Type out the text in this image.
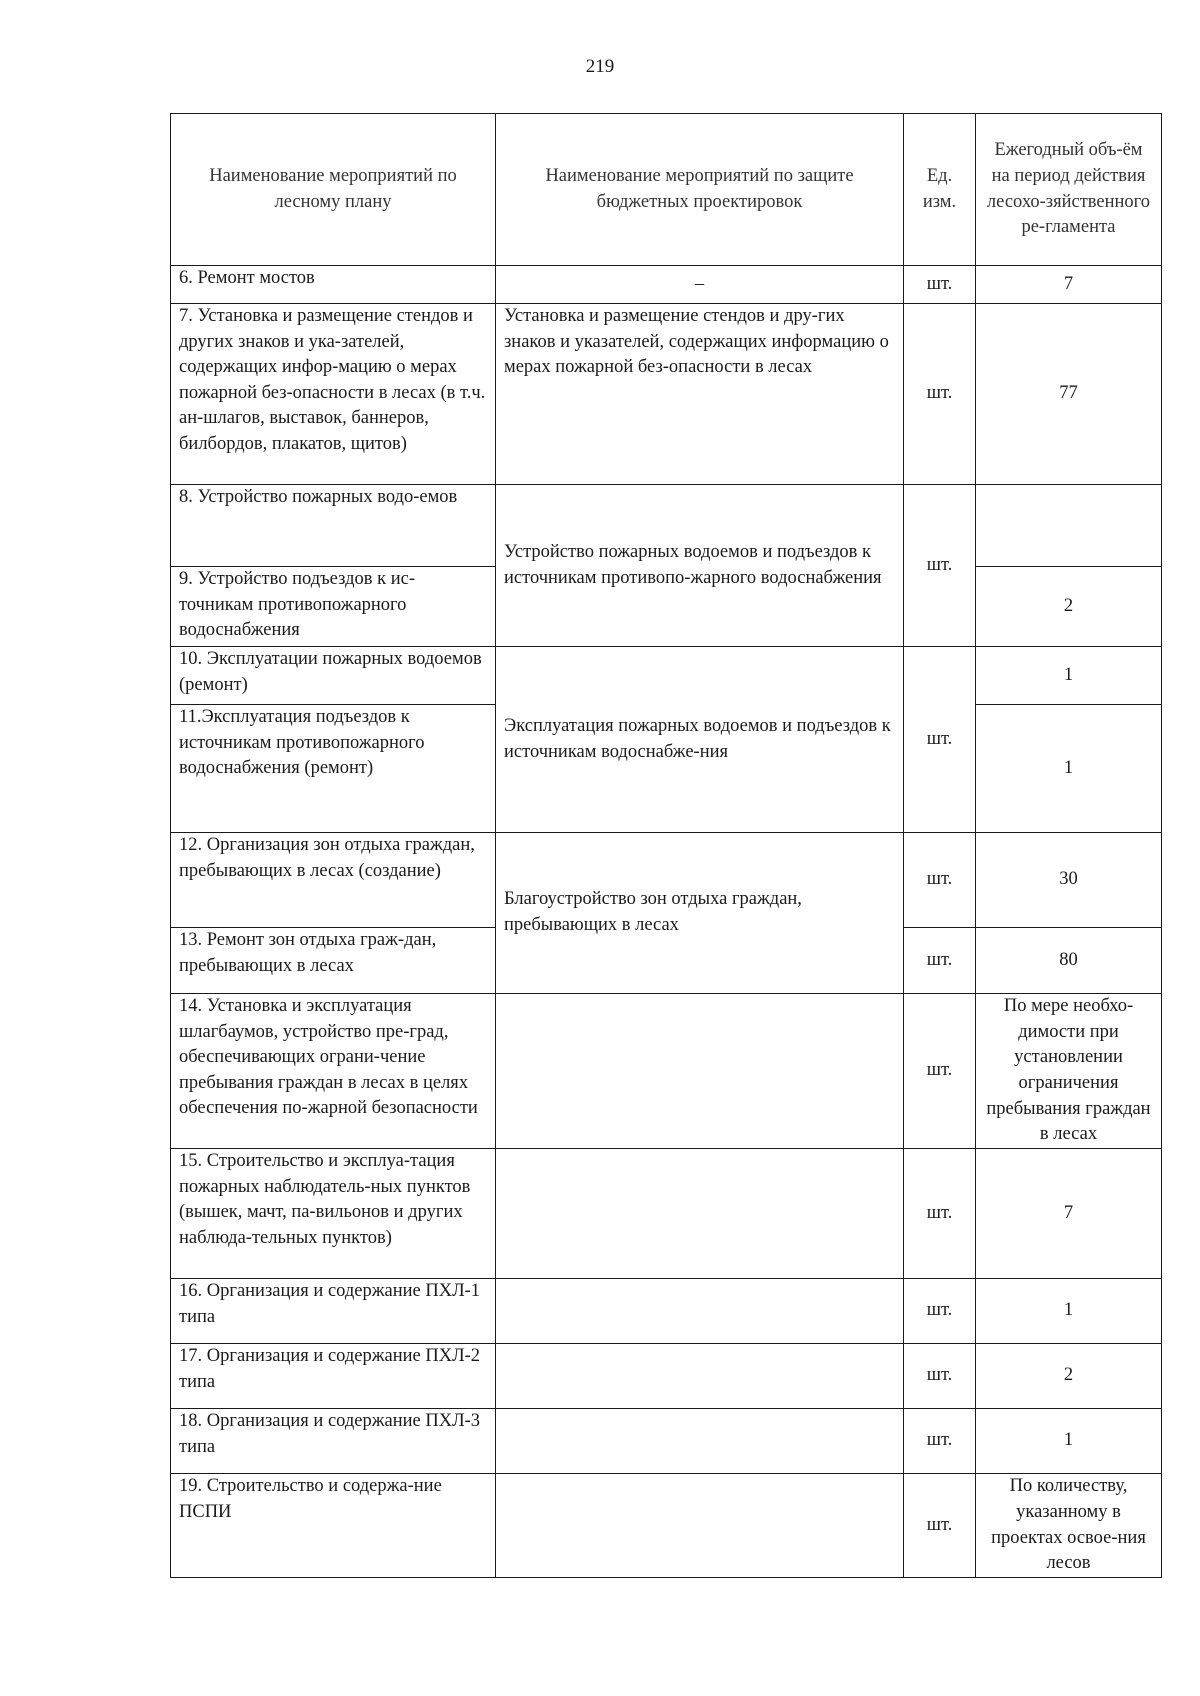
219
Наименование мероприятий по лесному плану	Наименование мероприятий по защите бюджетных проектировок	Ед. изм.	Ежегодный объ-ём на период действия лесохо-зяйственного ре-гламента
6. Ремонт мостов	–	шт.	7
7. Установка и размещение стендов и других знаков и ука-зателей, содержащих инфор-мацию о мерах пожарной без-опасности в лесах (в т.ч. ан-шлагов, выставок, баннеров, билбордов, плакатов, щитов)	Установка и размещение стендов и дру-гих знаков и указателей, содержащих информацию о мерах пожарной без-опасности в лесах	шт.	77
8. Устройство пожарных водо-емов	Устройство пожарных водоемов и подъездов к источникам противопо-жарного водоснабжения	шт.	
9. Устройство подъездов к ис-точникам противопожарного водоснабжения			2
10. Эксплуатации пожарных водоемов (ремонт)	Эксплуатация пожарных водоемов и подъездов к источникам водоснабже-ния	шт.	1
11.Эксплуатация подъездов к источникам противопожарного водоснабжения (ремонт)			1
12. Организация зон отдыха граждан, пребывающих в лесах (создание)	Благоустройство зон отдыха граждан, пребывающих в лесах	шт.	30
13. Ремонт зон отдыха граж-дан, пребывающих в лесах		шт.	80
14. Установка и эксплуатация шлагбаумов, устройство пре-град, обеспечивающих ограни-чение пребывания граждан в лесах в целях обеспечения по-жарной безопасности		шт.	По мере необхо-димости при установлении ограничения пребывания граждан в лесах
15. Строительство и эксплуа-тация пожарных наблюдатель-ных пунктов (вышек, мачт, па-вильонов и других наблюда-тельных пунктов)		шт.	7
16. Организация и содержание ПХЛ-1 типа		шт.	1
17. Организация и содержание ПХЛ-2 типа		шт.	2
18. Организация и содержание ПХЛ-3 типа		шт.	1
19. Строительство и содержа-ние ПСПИ		шт.	По количеству, указанному в проектах освое-ния лесов
